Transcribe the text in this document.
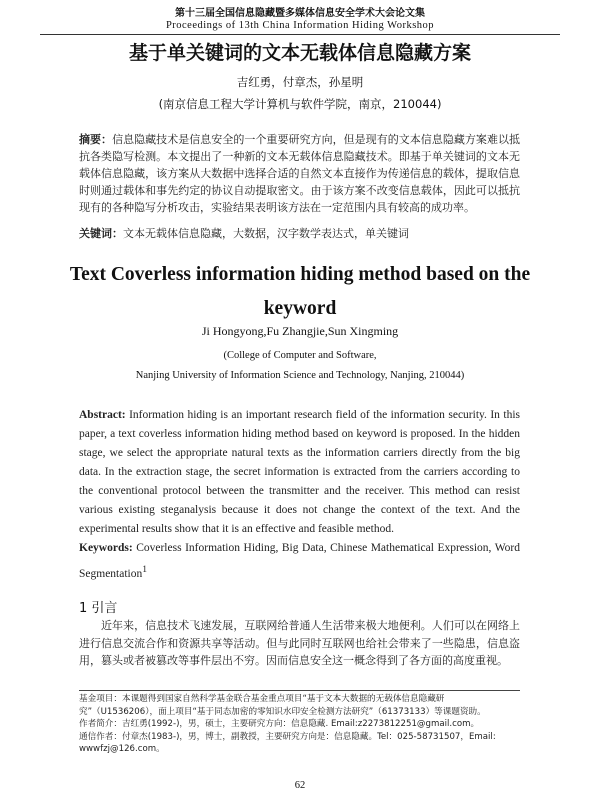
第十三届全国信息隐藏暨多媒体信息安全学术大会论文集
Proceedings of 13th China Information Hiding Workshop
基于单关键词的文本无载体信息隐藏方案
吉红勇，付章杰，孙星明
(南京信息工程大学计算机与软件学院，南京，210044)
摘要：信息隐藏技术是信息安全的一个重要研究方向，但是现有的文本信息隐藏方案难以抵抗各类隐写检测。本文提出了一种新的文本无载体信息隐藏技术。即基于单关键词的文本无载体信息隐藏，该方案从大数据中选择合适的自然文本直接作为传递信息的载体，提取信息时则通过载体和事先约定的协议自动提取密文。由于该方案不改变信息载体，因此可以抵抗现有的各种隐写分析攻击，实验结果表明该方法在一定范围内具有较高的成功率。
关键词：文本无载体信息隐藏，大数据，汉字数学表达式，单关键词
Text Coverless information hiding method based on the keyword
Ji Hongyong,Fu Zhangjie,Sun Xingming
(College of Computer and Software,
Nanjing University of Information Science and Technology, Nanjing, 210044)
Abstract: Information hiding is an important research field of the information security. In this paper, a text coverless information hiding method based on keyword is proposed. In the hidden stage, we select the appropriate natural texts as the information carriers directly from the big data. In the extraction stage, the secret information is extracted from the carriers according to the conventional protocol between the transmitter and the receiver. This method can resist various existing steganalysis because it does not change the context of the text. And the experimental results show that it is an effective and feasible method.
Keywords: Coverless Information Hiding, Big Data, Chinese Mathematical Expression, Word Segmentation$^1$
1 引言
近年来，信息技术飞速发展，互联网给普通人生活带来极大地便利。人们可以在网络上进行信息交流合作和资源共享等活动。但与此同时互联网也给社会带来了一些隐患，信息盗用，篡头或者被篡改等事件层出不穷。因而信息安全这一概念得到了各方面的高度重视。

基金项目：本课题得到国家自然科学基金联合基金重点项目“基于文本大数据的无载体信息隐藏研究”（U1536206），面上项目“基于同态加密的零知识水印安全检测方法研究”（61373133）等课题资助。

作者简介：吉红勇(1992-)，男，硕士，主要研究方向：信息隐藏. Email:z2273812251@gmail.com。

通信作者：付章杰(1983-)，男，博士，副教授，主要研究方向是：信息隐藏。Tel：025-58731507，Email: wwwfzj@126.com。

62
